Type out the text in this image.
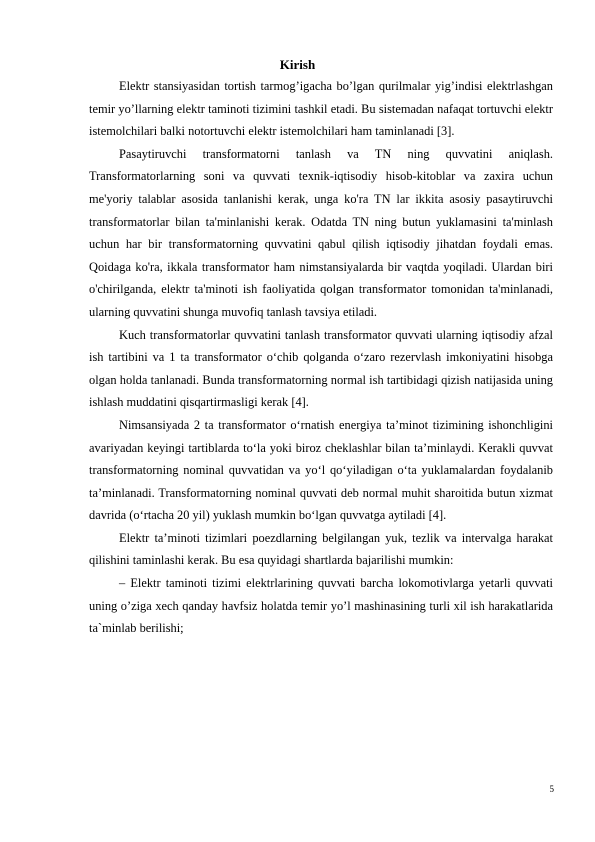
Kirish

Elektr stansiyasidan tortish tarmog’igacha bo’lgan qurilmalar yig’indisi elektrlashgan temir yo’llarning elektr taminoti tizimini tashkil etadi. Bu sistemadan nafaqat tortuvchi elektr istemolchilari balki notortuvchi elektr istemolchilari ham taminlanadi [3].

Pasaytiruvchi transformatorni tanlash va TN ning quvvatini aniqlash. Transformatorlarning soni va quvvati texnik-iqtisodiy hisob-kitoblar va zaxira uchun me'yoriy talablar asosida tanlanishi kerak, unga ko'ra TN lar ikkita asosiy pasaytiruvchi transformatorlar bilan ta'minlanishi kerak. Odatda TN ning butun yuklamasini ta'minlash uchun har bir transformatorning quvvatini qabul qilish iqtisodiy jihatdan foydali emas. Qoidaga ko'ra, ikkala transformator ham nimstansiyalarda bir vaqtda yoqiladi. Ulardan biri o'chirilganda, elektr ta'minoti ish faoliyatida qolgan transformator tomonidan ta'minlanadi, ularning quvvatini shunga muvofiq tanlash tavsiya etiladi.

Kuch transformatorlar quvvatini tanlash transformator quvvati ularning iqtisodiy afzal ish tartibini va 1 ta transformator o‘chib qolganda o‘zaro rezervlash imkoniyatini hisobga olgan holda tanlanadi. Bunda transformatorning normal ish tartibidagi qizish natijasida uning ishlash muddatini qisqartirmasligi kerak [4].

Nimsansiyada 2 ta transformator o‘rnatish energiya ta’minot tizimining ishonchligini avariyadan keyingi tartiblarda to‘la yoki biroz cheklashlar bilan ta’minlaydi. Kerakli quvvat transformatorning nominal quvvatidan va yo‘l qo‘yiladigan o‘ta yuklamalardan foydalanib ta’minlanadi. Transformatorning nominal quvvati deb normal muhit sharoitida butun xizmat davrida (o‘rtacha 20 yil) yuklash mumkin bo‘lgan quvvatga aytiladi [4].

Elektr ta’minoti tizimlari poezdlarning belgilangan yuk, tezlik va intervalga harakat qilishini taminlashi kerak. Bu esa quyidagi shartlarda bajarilishi mumkin:

– Elektr taminoti tizimi elektrlarining quvvati barcha lokomotivlarga yetarli quvvati uning o’ziga xech qanday havfsiz holatda temir yo’l mashinasining turli xil ish harakatlarida ta`minlab berilishi;

5
